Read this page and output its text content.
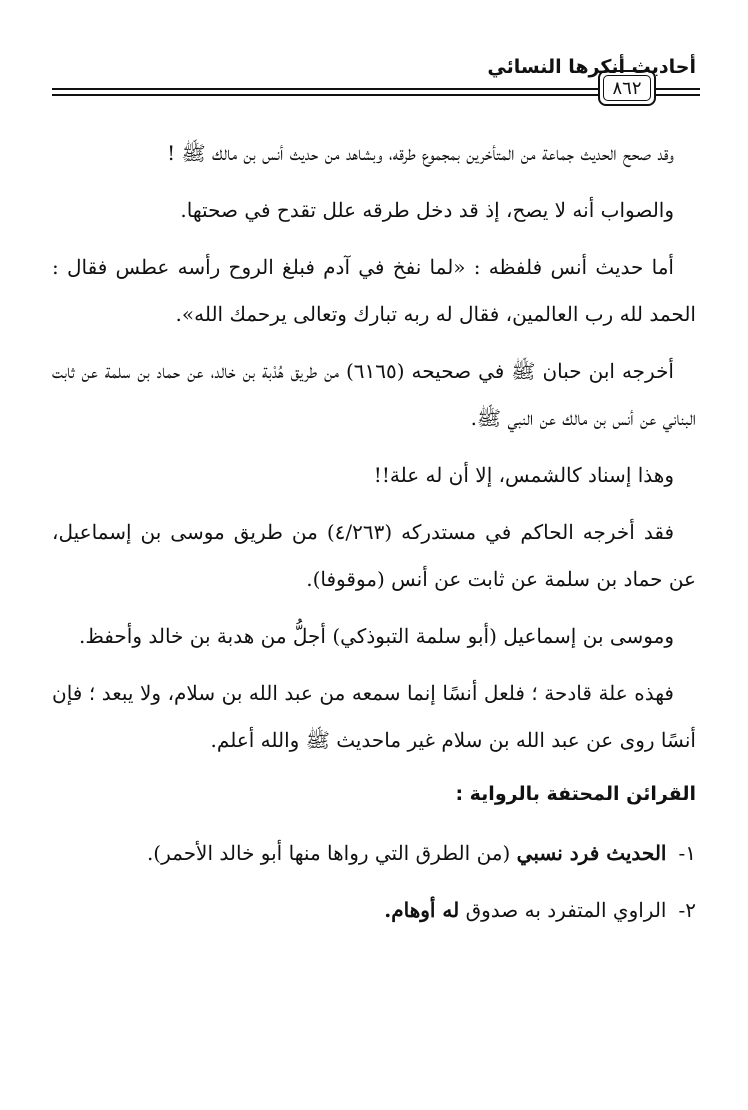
أحاديث أنكرها النسائي
٨٦٢

وقد صحح الحديث جماعة من المتأخرين بمجموع طرقه، وبشاهد من حديث أنس بن مالك ﷺ !

والصواب أنه لا يصح، إذ قد دخل طرقه علل تقدح في صحتها.

أما حديث أنس فلفظه : «لما نفخ في آدم فبلغ الروح رأسه عطس فقال : الحمد لله رب العالمين، فقال له ربه تبارك وتعالى يرحمك الله».

أخرجه ابن حبان ﷺ في صحيحه (٦١٦٥) من طريق هُدْبة بن خالد، عن حماد بن سلمة عن ثابت البناني عن أنس بن مالك عن النبي ﷺ.

وهذا إسناد كالشمس، إلا أن له علة!!

فقد أخرجه الحاكم في مستدركه (٤/٢٦٣) من طريق موسى بن إسماعيل، عن حماد بن سلمة عن ثابت عن أنس (موقوفا).

وموسى بن إسماعيل (أبو سلمة التبوذكي) أجلُّ من هدبة بن خالد وأحفظ.

فهذه علة قادحة ؛ فلعل أنسًا إنما سمعه من عبد الله بن سلام، ولا يبعد ؛ فإن أنسًا روى عن عبد الله بن سلام غير ماحديث ﷺ والله أعلم.

القرائن المحتفة بالرواية :
١-
الحديث فرد نسبي (من الطرق التي رواها منها أبو خالد الأحمر).
٢-
الراوي المتفرد به صدوق له أوهام.
